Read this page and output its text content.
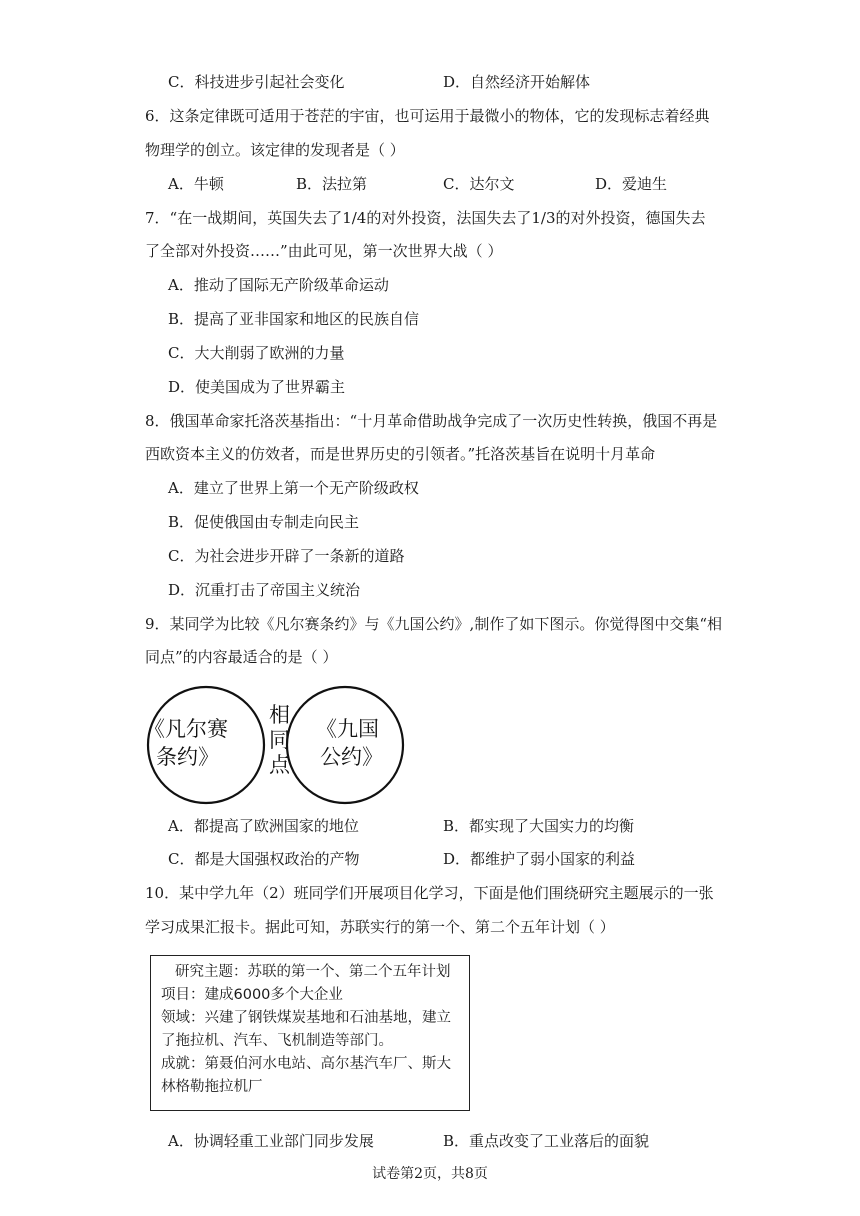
C．科技进步引起社会变化	D．自然经济开始解体
6．这条定律既可适用于苍茫的宇宙，也可运用于最微小的物体，它的发现标志着经典
物理学的创立。该定律的发现者是（ ）
A．牛顿	B．法拉第	C．达尔文	D．爱迪生
7．“在一战期间，英国失去了1/4的对外投资，法国失去了1/3的对外投资，德国失去
了全部对外投资……”由此可见，第一次世界大战（ ）
A．推动了国际无产阶级革命运动
B．提高了亚非国家和地区的民族自信
C．大大削弱了欧洲的力量
D．使美国成为了世界霸主
8．俄国革命家托洛茨基指出：“十月革命借助战争完成了一次历史性转换，俄国不再是
西欧资本主义的仿效者，而是世界历史的引领者。”托洛茨基旨在说明十月革命
A．建立了世界上第一个无产阶级政权
B．促使俄国由专制走向民主
C．为社会进步开辟了一条新的道路
D．沉重打击了帝国主义统治
9．某同学为比较《凡尔赛条约》与《九国公约》,制作了如下图示。你觉得图中交集“相
同点”的内容最适合的是（ ）
《凡尔赛
条约》
相
同
点
《九国
公约》
A．都提高了欧洲国家的地位	B．都实现了大国实力的均衡
C．都是大国强权政治的产物	D．都维护了弱小国家的利益
10．某中学九年（2）班同学们开展项目化学习，下面是他们围绕研究主题展示的一张
学习成果汇报卡。据此可知，苏联实行的第一个、第二个五年计划（ ）
研究主题：苏联的第一个、第二个五年计划
项目：建成6000多个大企业
领域：兴建了钢铁煤炭基地和石油基地，建立
了拖拉机、汽车、飞机制造等部门。
成就：第聂伯河水电站、高尔基汽车厂、斯大
林格勒拖拉机厂
A．协调轻重工业部门同步发展	B．重点改变了工业落后的面貌
试卷第2页，共8页
